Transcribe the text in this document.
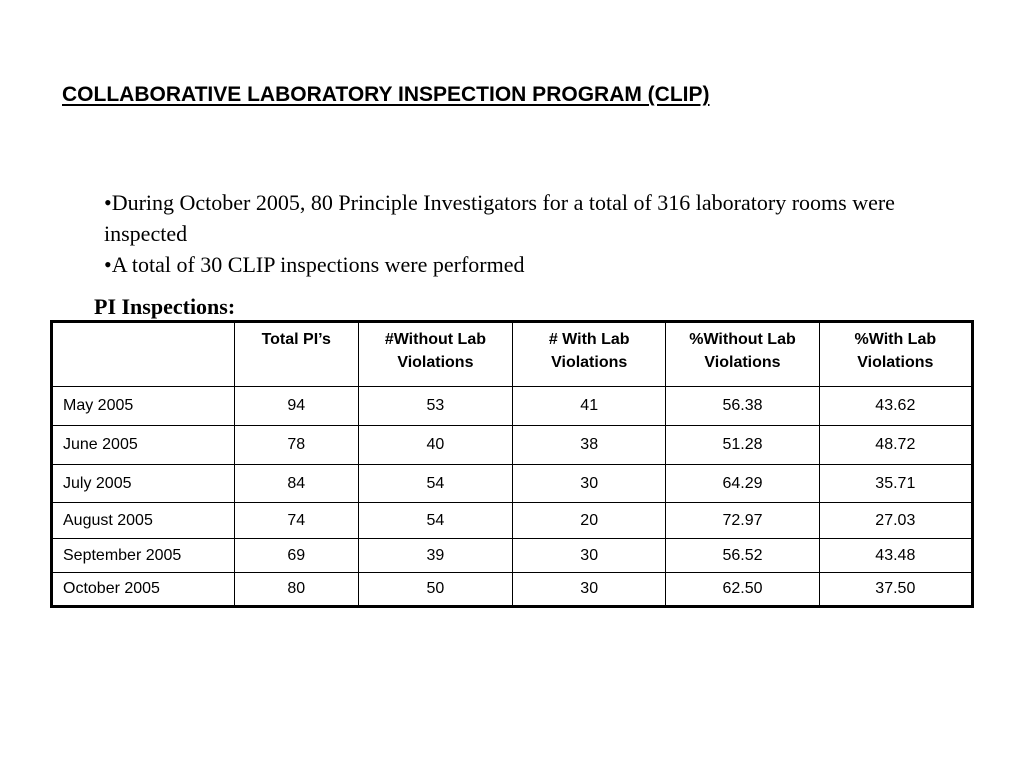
COLLABORATIVE LABORATORY INSPECTION PROGRAM (CLIP)

•During October 2005, 80 Principle Investigators for a total of 316 laboratory rooms were inspected

•A total of 30 CLIP inspections were performed

PI Inspections:
	Total PI’s	#Without Lab Violations	# With Lab Violations	%Without Lab Violations	%With Lab Violations
May 2005	94	53	41	56.38	43.62
June 2005	78	40	38	51.28	48.72
July 2005	84	54	30	64.29	35.71
August 2005	74	54	20	72.97	27.03
September 2005	69	39	30	56.52	43.48
October 2005	80	50	30	62.50	37.50
